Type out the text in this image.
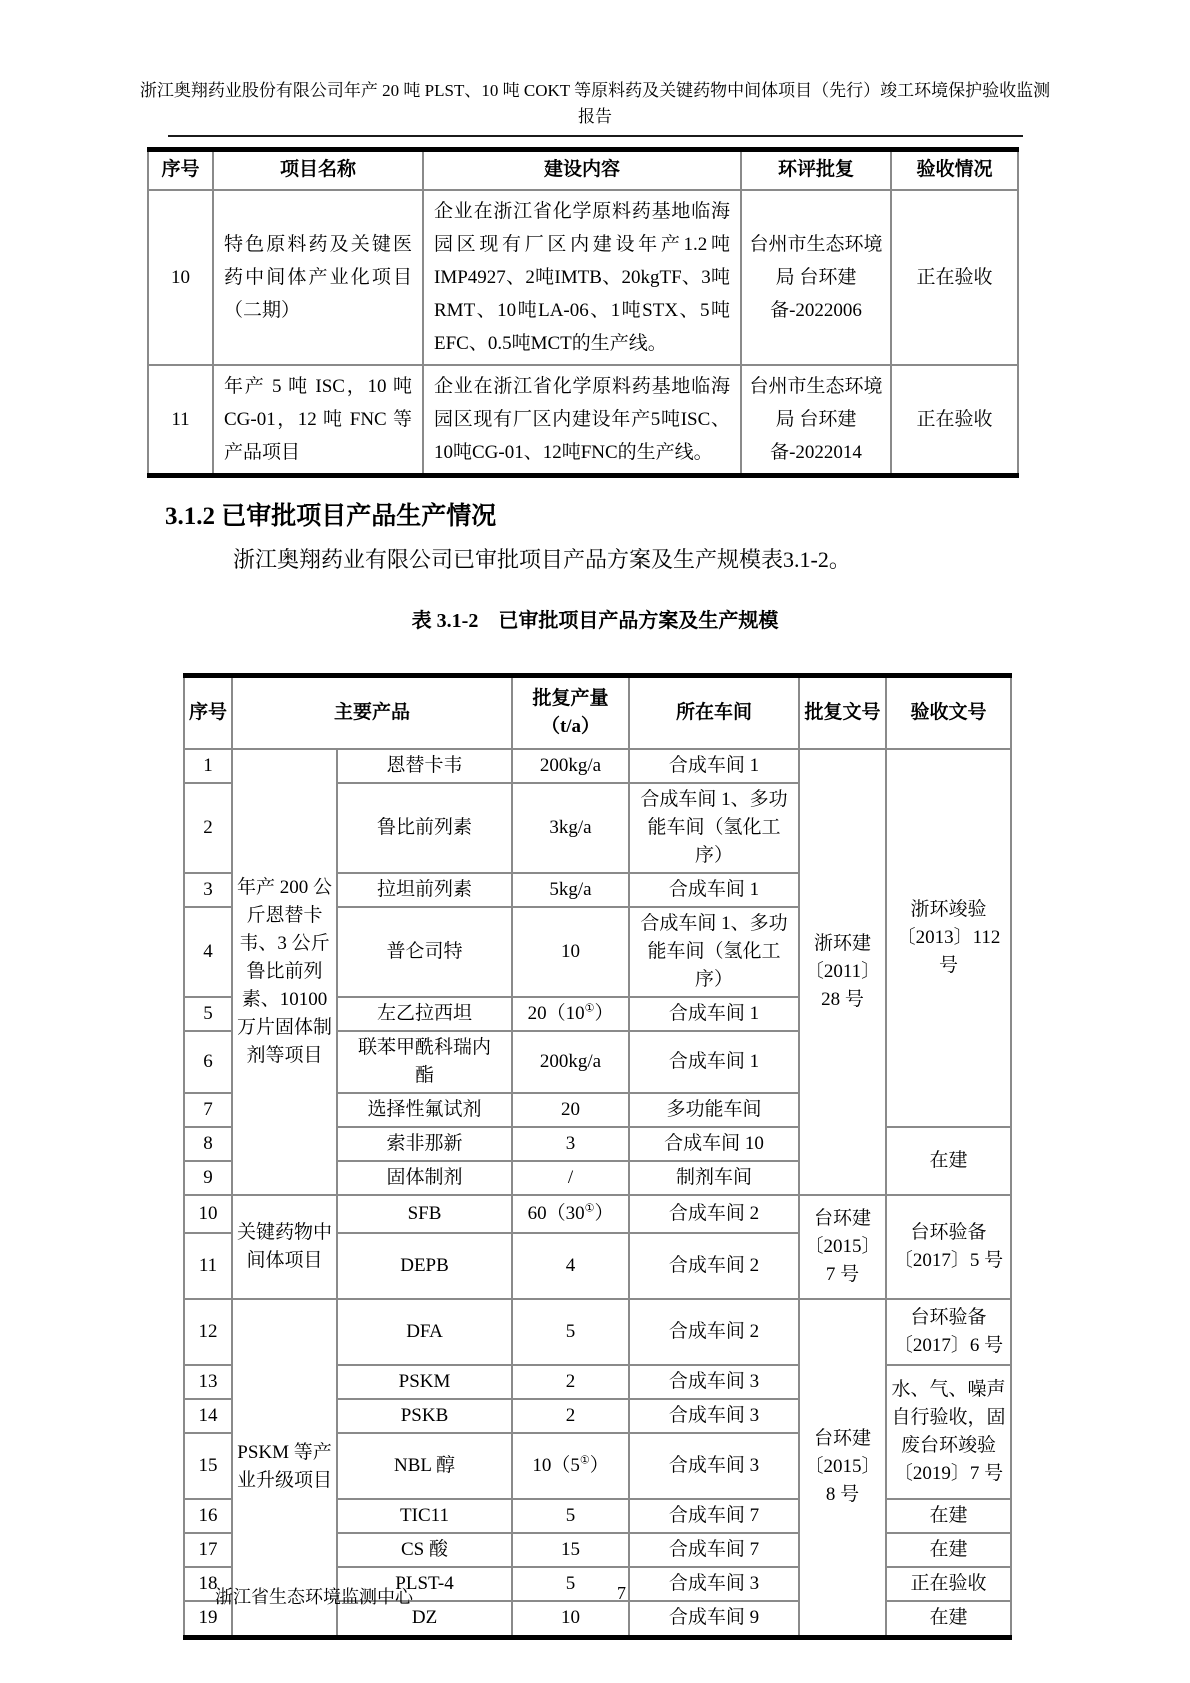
浙江奥翔药业股份有限公司年产 20 吨 PLST、10 吨 COKT 等原料药及关键药物中间体项目（先行）竣工环境保护验收监测报告
序号	项目名称	建设内容	环评批复	验收情况
10	特色原料药及关键医药中间体产业化项目（二期）	企业在浙江省化学原料药基地临海园区现有厂区内建设年产1.2吨IMP4927、2吨IMTB、20kgTF、3吨RMT、10吨LA-06、1吨STX、5吨EFC、0.5吨MCT的生产线。	台州市生态环境局 台环建备-2022006	正在验收
11	年产 5 吨 ISC，10 吨 CG-01，12 吨 FNC 等产品项目	企业在浙江省化学原料药基地临海园区现有厂区内建设年产5吨ISC、10吨CG-01、12吨FNC的生产线。	台州市生态环境局 台环建备-2022014	正在验收
3.1.2 已审批项目产品生产情况
浙江奥翔药业有限公司已审批项目产品方案及生产规模表3.1-2。
表 3.1-2　已审批项目产品方案及生产规模
序号	主要产品		批复产量（t/a）	所在车间	批复文号	验收文号
1	年产 200 公斤恩替卡韦、3 公斤鲁比前列素、10100 万片固体制剂等项目	恩替卡韦	200kg/a	合成车间 1	浙环建〔2011〕28 号	浙环竣验〔2013〕112 号
2		鲁比前列素	3kg/a	合成车间 1、多功能车间（氢化工序）		
3		拉坦前列素	5kg/a	合成车间 1		
4		普仑司特	10	合成车间 1、多功能车间（氢化工序）		
5		左乙拉西坦	20（10①）	合成车间 1		
6		联苯甲酰科瑞内酯	200kg/a	合成车间 1		
7		选择性氟试剂	20	多功能车间		
8		索非那新	3	合成车间 10		在建
9		固体制剂	/	制剂车间		
10	关键药物中间体项目	SFB	60（30①）	合成车间 2	台环建〔2015〕7 号	台环验备〔2017〕5 号
11		DEPB	4	合成车间 2		
12	PSKM 等产业升级项目	DFA	5	合成车间 2	台环建〔2015〕8 号	台环验备〔2017〕6 号
13		PSKM	2	合成车间 3		水、气、噪声自行验收，固废台环竣验〔2019〕7 号
14		PSKB	2	合成车间 3		
15		NBL 醇	10（5①）	合成车间 3		
16		TIC11	5	合成车间 7		在建
17		CS 酸	15	合成车间 7		在建
18		PLST-4	5	合成车间 3		正在验收
19		DZ	10	合成车间 9		在建
浙江省生态环境监测中心	7
